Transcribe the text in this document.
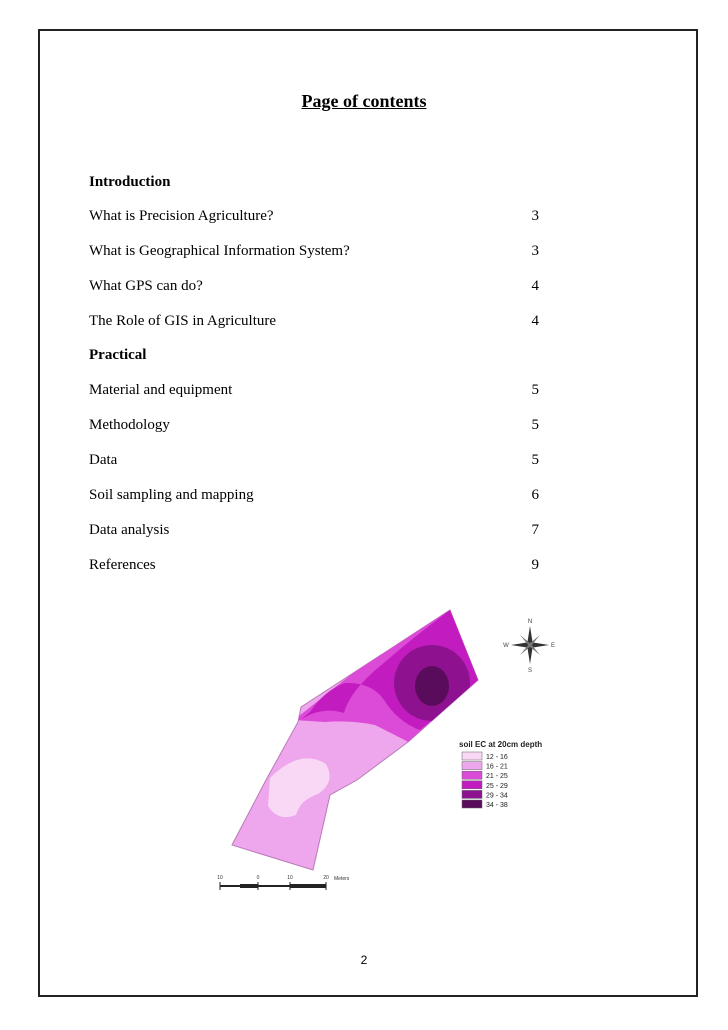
Page of contents
Introduction
What is Precision Agriculture?	3
What is Geographical Information System?	3
What GPS can do?	4
The Role of GIS in Agriculture	4
Practical
Material and equipment	5
Methodology	5
Data	5
Soil sampling and mapping	6
Data analysis	7
References	9
N
S
W	E
soil EC at 20cm depth
12 - 16
16 - 21
21 - 25
25 - 29
29 - 34
34 - 38
10	0	10	20 Meters
2
